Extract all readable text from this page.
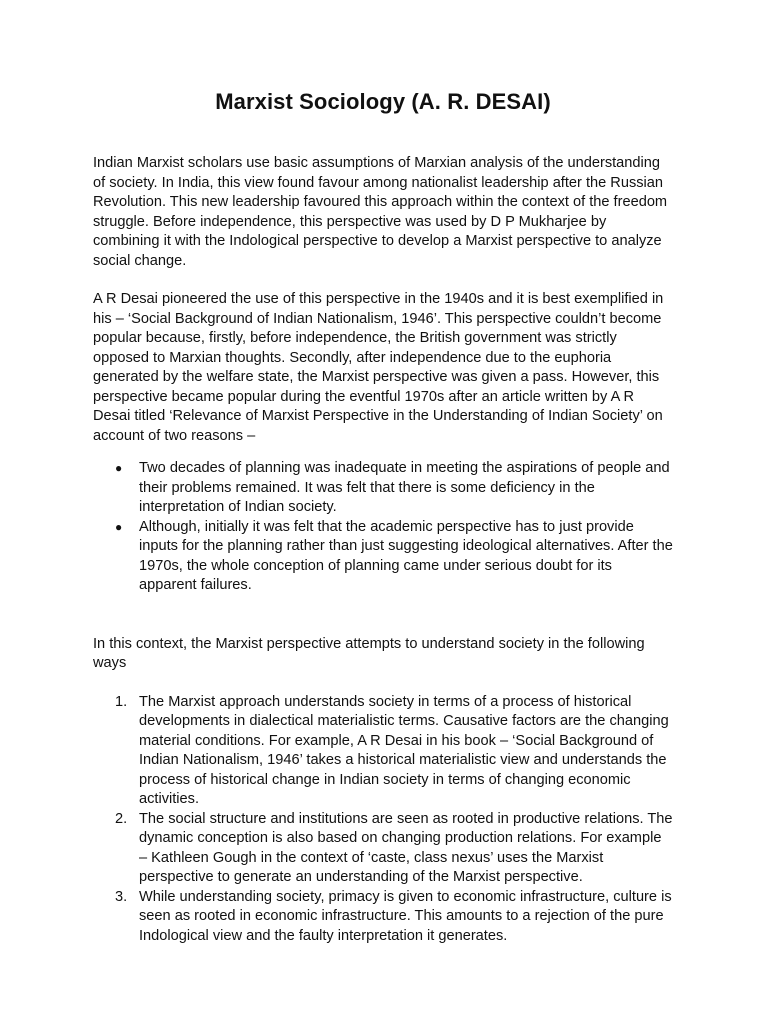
Marxist Sociology (A. R. DESAI)

Indian Marxist scholars use basic assumptions of Marxian analysis of the understanding of society. In India, this view found favour among nationalist leadership after the Russian Revolution. This new leadership favoured this approach within the context of the freedom struggle. Before independence, this perspective was used by D P Mukharjee by combining it with the Indological perspective to develop a Marxist perspective to analyze social change.

A R Desai pioneered the use of this perspective in the 1940s and it is best exemplified in his – ‘Social Background of Indian Nationalism, 1946’. This perspective couldn’t become popular because, firstly, before independence, the British government was strictly opposed to Marxian thoughts. Secondly, after independence due to the euphoria generated by the welfare state, the Marxist perspective was given a pass. However, this perspective became popular during the eventful 1970s after an article written by A R Desai titled ‘Relevance of Marxist Perspective in the Understanding of Indian Society’ on account of two reasons –

● Two decades of planning was inadequate in meeting the aspirations of people and their problems remained. It was felt that there is some deficiency in the interpretation of Indian society.
● Although, initially it was felt that the academic perspective has to just provide inputs for the planning rather than just suggesting ideological alternatives. After the 1970s, the whole conception of planning came under serious doubt for its apparent failures.

In this context, the Marxist perspective attempts to understand society in the following ways

1. The Marxist approach understands society in terms of a process of historical developments in dialectical materialistic terms. Causative factors are the changing material conditions. For example, A R Desai in his book – ‘Social Background of Indian Nationalism, 1946’ takes a historical materialistic view and understands the process of historical change in Indian society in terms of changing economic activities.
2. The social structure and institutions are seen as rooted in productive relations. The dynamic conception is also based on changing production relations. For example – Kathleen Gough in the context of ‘caste, class nexus’ uses the Marxist perspective to generate an understanding of the Marxist perspective.
3. While understanding society, primacy is given to economic infrastructure, culture is seen as rooted in economic infrastructure. This amounts to a rejection of the pure Indological view and the faulty interpretation it generates.
